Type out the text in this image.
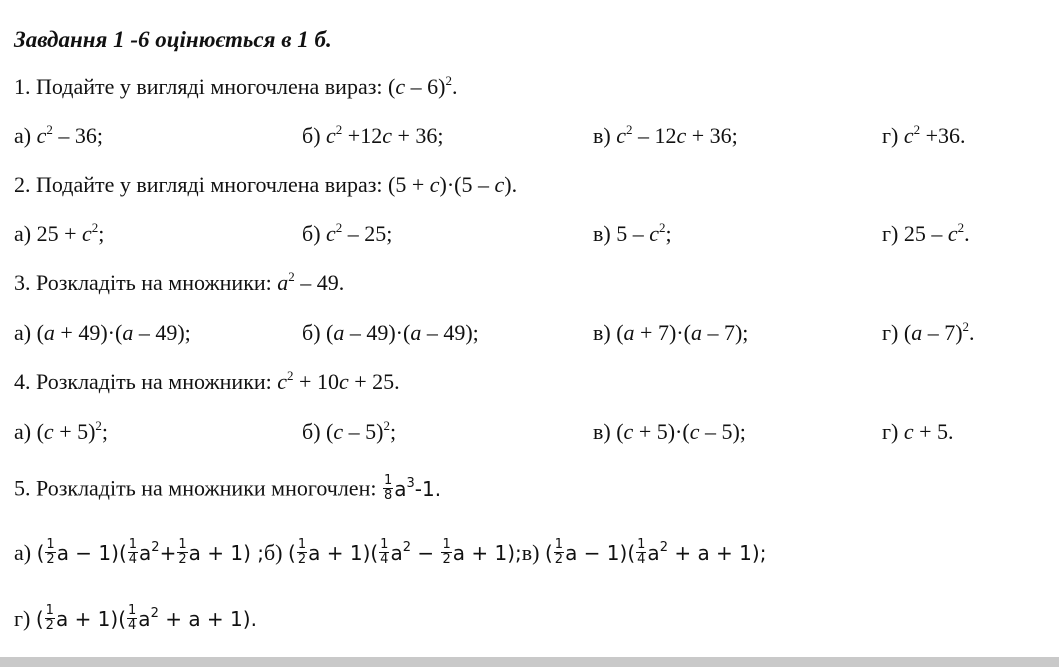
Завдання 1 -6 оцінюється в 1 б.
1. Подайте у вигляді многочлена вираз: (c – 6)$^2$.
а) $c^2 - 36$;	б) $c^2 +12c + 36$;	в) $c^2 - 12c + 36$;	г) $c^2 +36$.
2. Подайте у вигляді многочлена вираз: (5 + c)·(5 – c).
а) $25 + c^2$;	б) $c^2 - 25$;	в) $5 - c^2$;	г) $25 - c^2$.
3. Розкладіть на множники: $a^2 - 49$.
а) (a + 49)·(a – 49);	б) (a – 49)·(a – 49);	в) (a + 7)·(a – 7);	г) (a – 7)$^2$.
4. Розкладіть на множники: $c^2 + 10c + 25$.
а) $(c + 5)^2$;	б) (c – 5)$^2$;	в) (c + 5)·(c – 5);	г) c + 5.
5. Розкладіть на множники многочлен: $\frac{1}{8} a^3-1$.
а) ( $\frac{1}{2}$ $a - 1)( \frac{1}{4} a^2+ \frac{1}{2}$ a + 1) ;б) ( $\frac{1}{2}$ $a + 1)( \frac{1}{4} a^2 - \frac{1}{2}$ a + 1);в) ( $\frac{1}{2}$ $a - 1)( \frac{1}{4} a^2 + a + 1)$;
г) ( $\frac{1}{2}$ $a + 1)( \frac{1}{4} a^2 + a + 1)$.
